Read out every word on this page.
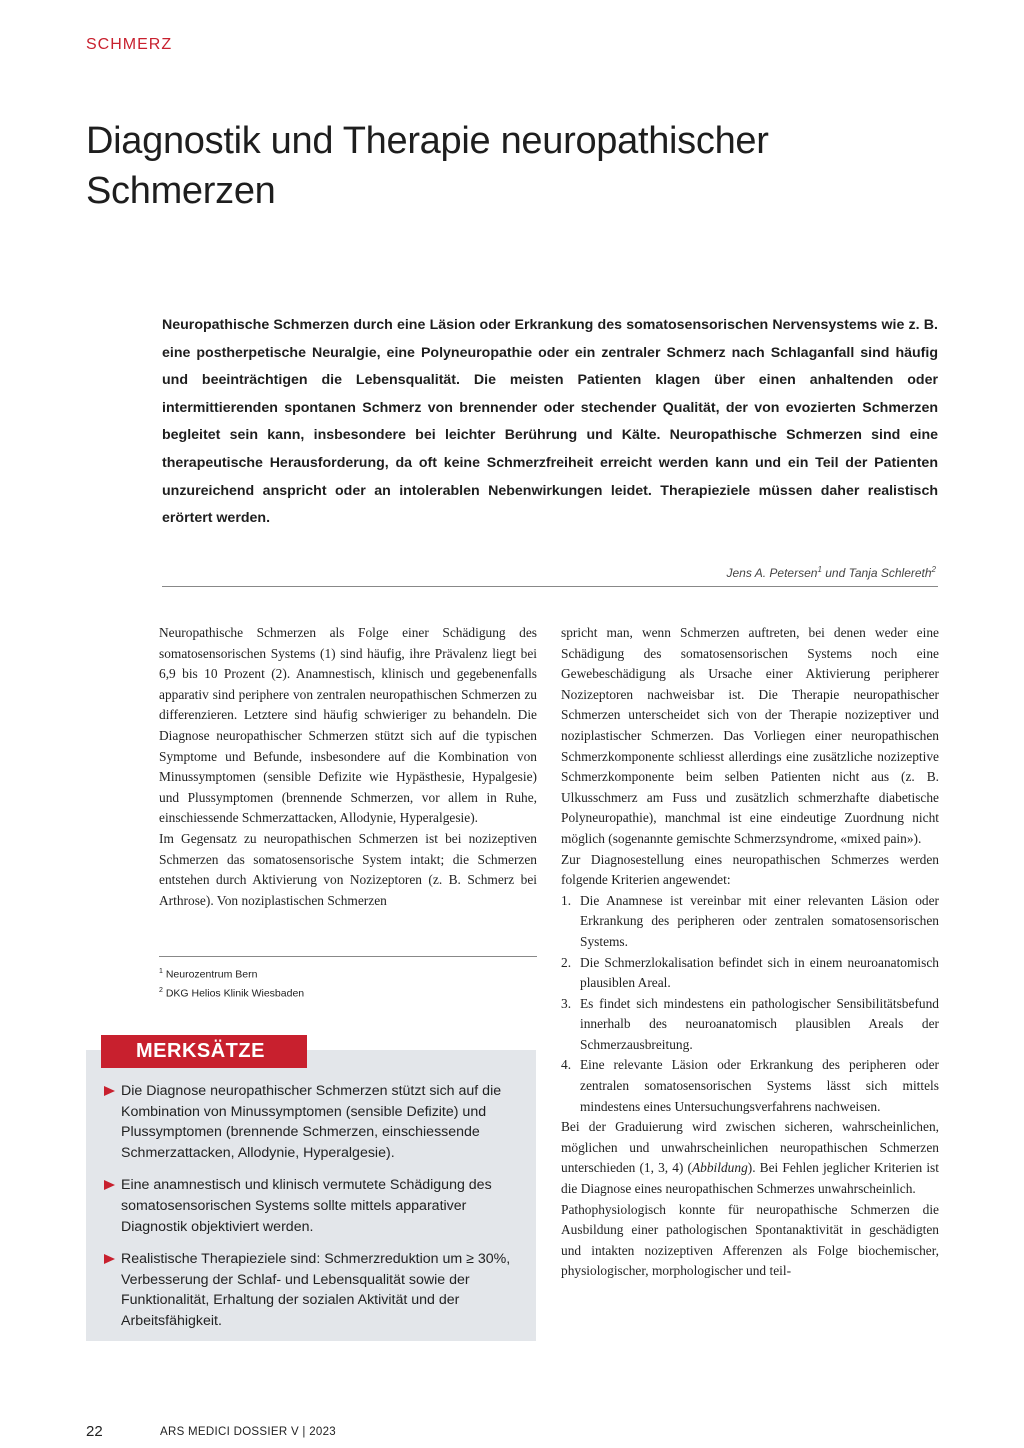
SCHMERZ
Diagnostik und Therapie neuropathischer Schmerzen

Neuropathische Schmerzen durch eine Läsion oder Erkrankung des somatosensorischen Nervensystems wie z. B. eine postherpetische Neuralgie, eine Polyneuropathie oder ein zentraler Schmerz nach Schlaganfall sind häufig und beeinträchtigen die Lebensqualität. Die meisten Patienten klagen über einen anhaltenden oder intermittierenden spontanen Schmerz von brennender oder stechender Qualität, der von evozierten Schmerzen begleitet sein kann, insbesondere bei leichter Berührung und Kälte. Neuropathische Schmerzen sind eine therapeutische Herausforderung, da oft keine Schmerzfreiheit erreicht werden kann und ein Teil der Patienten unzureichend anspricht oder an intolerablen Nebenwirkungen leidet. Therapieziele müssen daher realistisch erörtert werden.

Jens A. Petersen$^1$ und Tanja Schlereth$^2$

Neuropathische Schmerzen als Folge einer Schädigung des somatosensorischen Systems (1) sind häufig, ihre Prävalenz liegt bei 6,9 bis 10 Prozent (2). Anamnestisch, klinisch und gegebenenfalls apparativ sind periphere von zentralen neuropathischen Schmerzen zu differenzieren. Letztere sind häufig schwieriger zu behandeln. Die Diagnose neuropathischer Schmerzen stützt sich auf die typischen Symptome und Befunde, insbesondere auf die Kombination von Minussymptomen (sensible Defizite wie Hypästhesie, Hypalgesie) und Plussymptomen (brennende Schmerzen, vor allem in Ruhe, einschiessende Schmerzattacken, Allodynie, Hyperalgesie).

Im Gegensatz zu neuropathischen Schmerzen ist bei nozizeptiven Schmerzen das somatosensorische System intakt; die Schmerzen entstehen durch Aktivierung von Nozizeptoren (z. B. Schmerz bei Arthrose). Von noziplastischen Schmerzen

$^1$ Neurozentrum Bern
$^2$ DKG Helios Klinik Wiesbaden

spricht man, wenn Schmerzen auftreten, bei denen weder eine Schädigung des somatosensorischen Systems noch eine Gewebeschädigung als Ursache einer Aktivierung peripherer Nozizeptoren nachweisbar ist. Die Therapie neuropathischer Schmerzen unterscheidet sich von der Therapie nozizeptiver und noziplastischer Schmerzen. Das Vorliegen einer neuropathischen Schmerzkomponente schliesst allerdings eine zusätzliche nozizeptive Schmerzkomponente beim selben Patienten nicht aus (z. B. Ulkusschmerz am Fuss und zusätzlich schmerzhafte diabetische Polyneuropathie), manchmal ist eine eindeutige Zuordnung nicht möglich (sogenannte gemischte Schmerzsyndrome, «mixed pain»).

Zur Diagnosestellung eines neuropathischen Schmerzes werden folgende Kriterien angewendet:

1. Die Anamnese ist vereinbar mit einer relevanten Läsion oder Erkrankung des peripheren oder zentralen somatosensorischen Systems.
2. Die Schmerzlokalisation befindet sich in einem neuroanatomisch plausiblen Areal.
3. Es findet sich mindestens ein pathologischer Sensibilitätsbefund innerhalb des neuroanatomisch plausiblen Areals der Schmerzausbreitung.
4. Eine relevante Läsion oder Erkrankung des peripheren oder zentralen somatosensorischen Systems lässt sich mittels mindestens eines Untersuchungsverfahrens nachweisen.

Bei der Graduierung wird zwischen sicheren, wahrscheinlichen, möglichen und unwahrscheinlichen neuropathischen Schmerzen unterschieden (1, 3, 4) (Abbildung). Bei Fehlen jeglicher Kriterien ist die Diagnose eines neuropathischen Schmerzes unwahrscheinlich.

Pathophysiologisch konnte für neuropathische Schmerzen die Ausbildung einer pathologischen Spontanaktivität in geschädigten und intakten nozizeptiven Afferenzen als Folge biochemischer, physiologischer, morphologischer und teil-

MERKSÄTZE
Die Diagnose neuropathischer Schmerzen stützt sich auf die Kombination von Minussymptomen (sensible Defizite) und Plussymptomen (brennende Schmerzen, einschiessende Schmerzattacken, Allodynie, Hyperalgesie).
Eine anamnestisch und klinisch vermutete Schädigung des somatosensorischen Systems sollte mittels apparativer Diagnostik objektiviert werden.
Realistische Therapieziele sind: Schmerzreduktion um ≥ 30%, Verbesserung der Schlaf- und Lebensqualität sowie der Funktionalität, Erhaltung der sozialen Aktivität und der Arbeitsfähigkeit.
22	ARS MEDICI DOSSIER V | 2023
